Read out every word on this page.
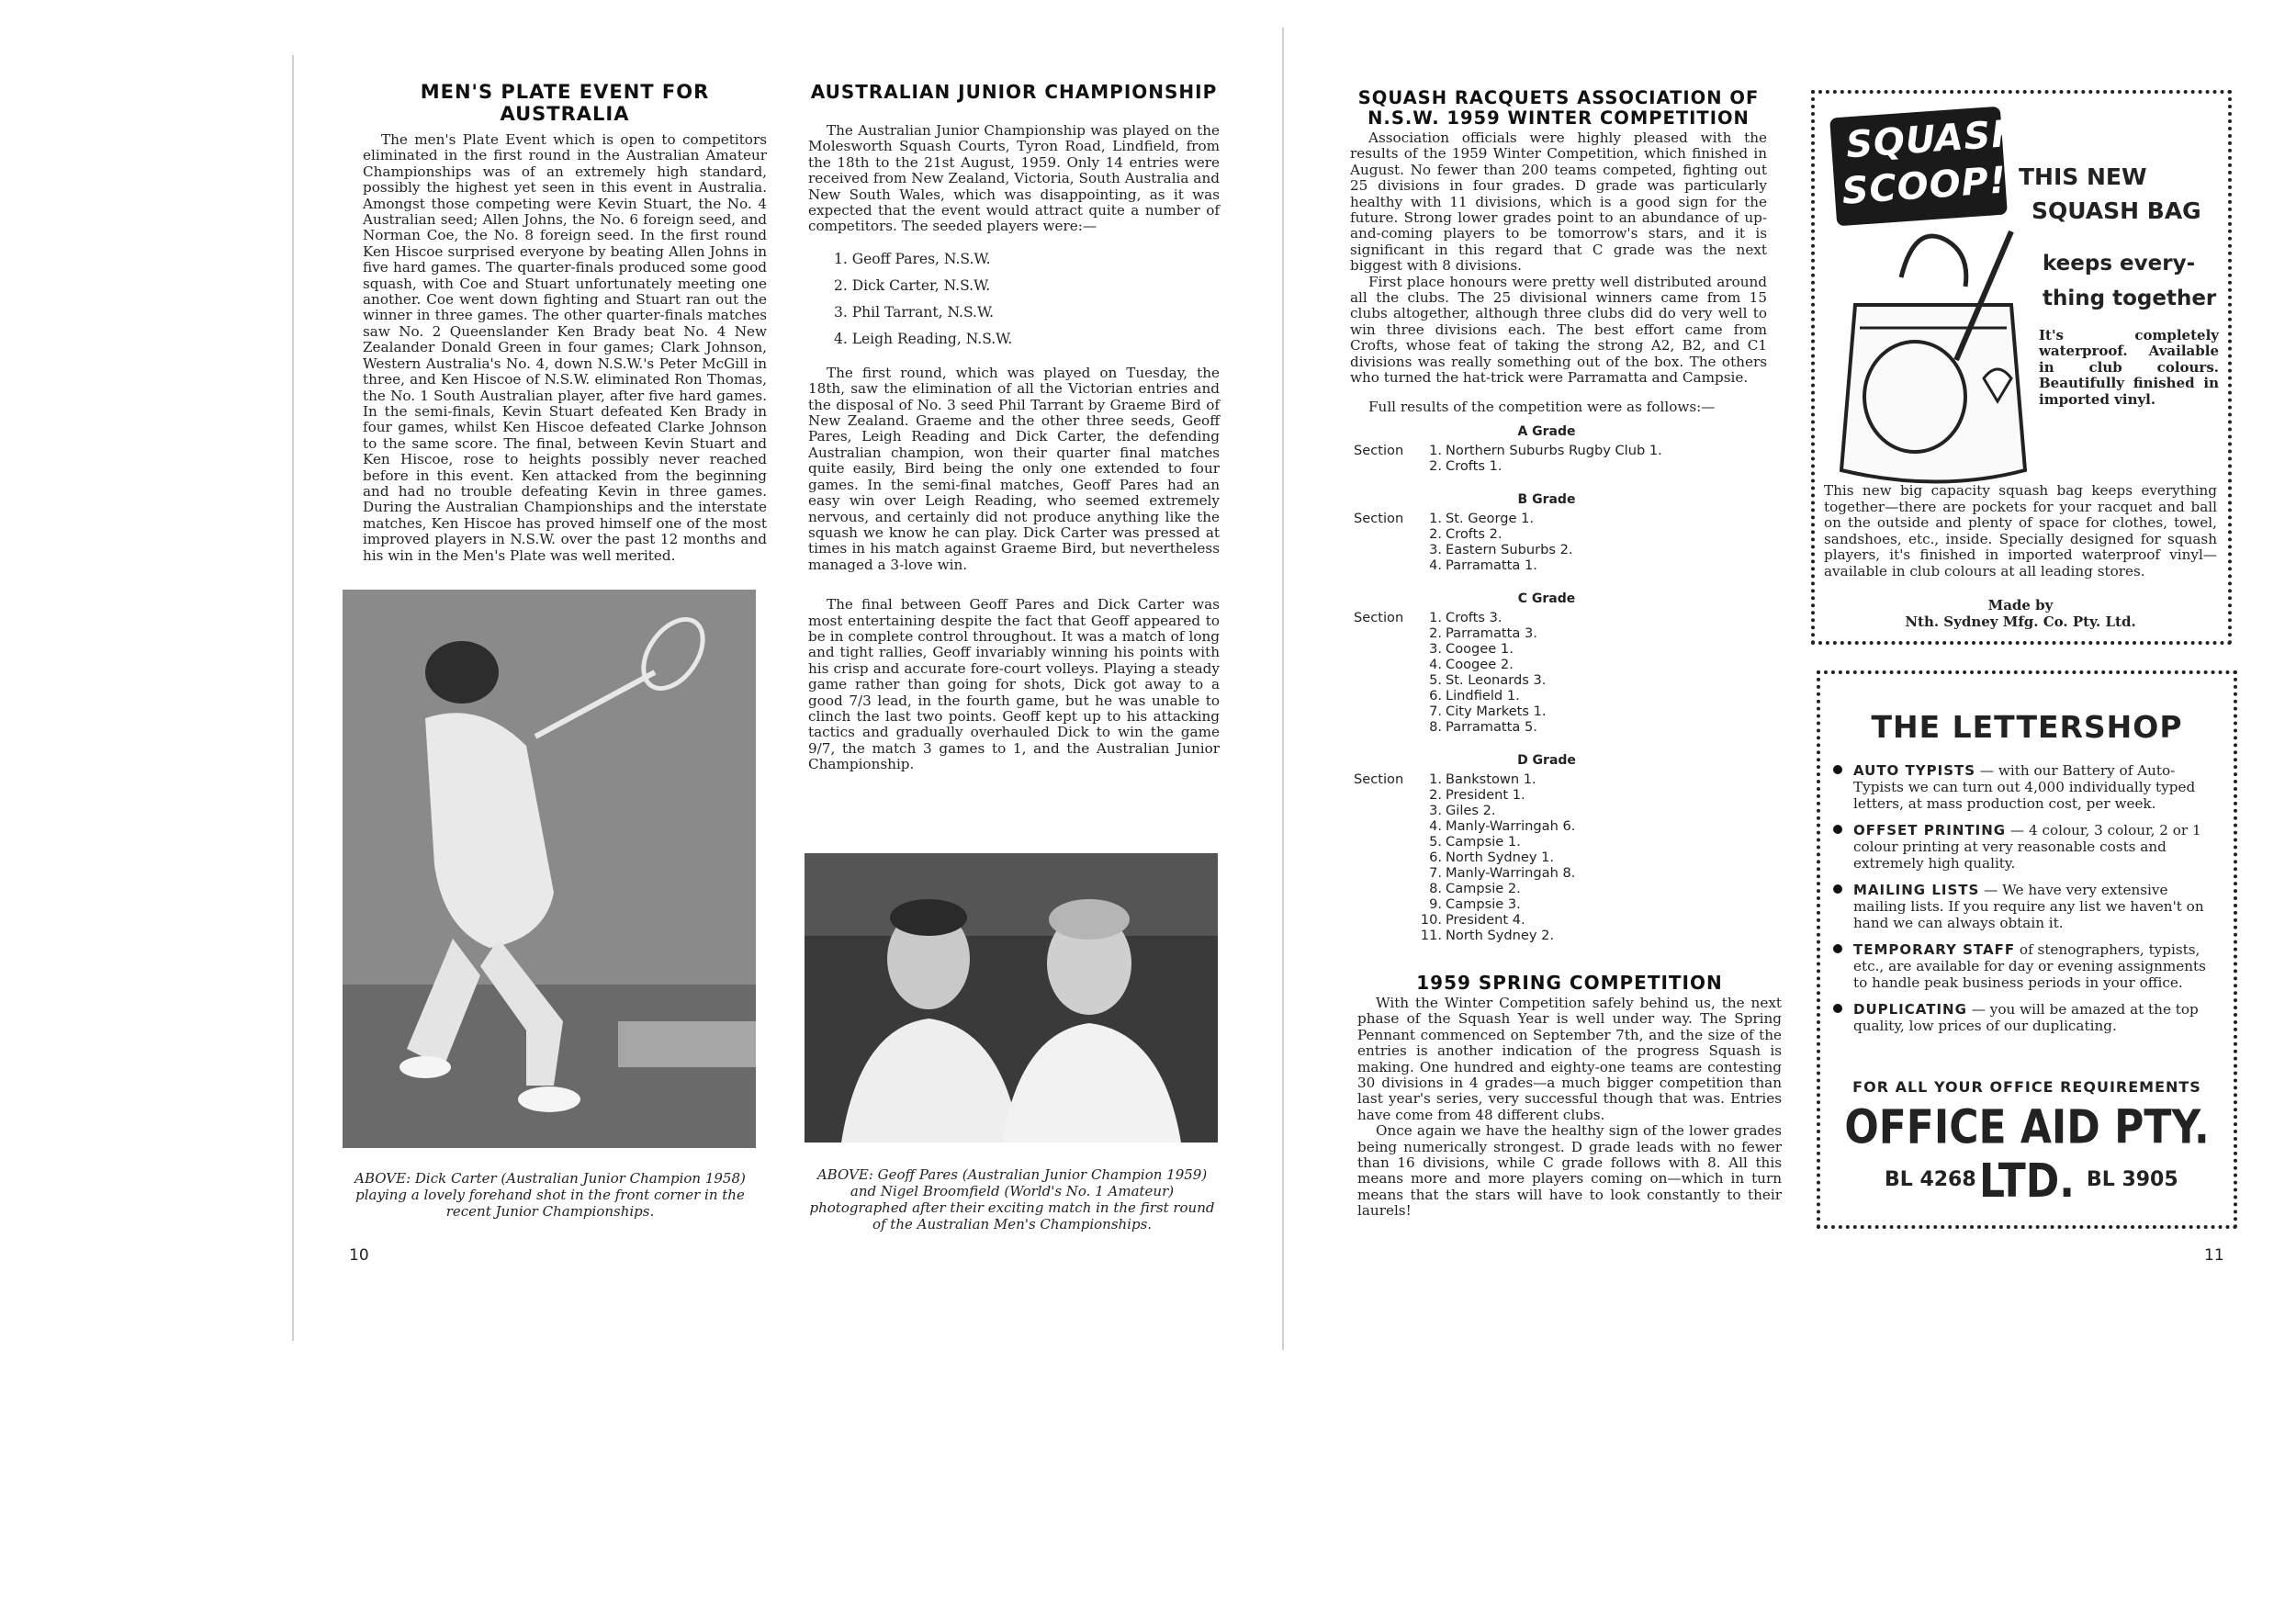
MEN'S PLATE EVENT FOR AUSTRALIA

The men's Plate Event which is open to competitors eliminated in the first round in the Australian Amateur Championships was of an extremely high standard, possibly the highest yet seen in this event in Australia. Amongst those competing were Kevin Stuart, the No. 4 Australian seed; Allen Johns, the No. 6 foreign seed, and Norman Coe, the No. 8 foreign seed. In the first round Ken Hiscoe surprised everyone by beating Allen Johns in five hard games. The quarter-finals produced some good squash, with Coe and Stuart unfortunately meeting one another. Coe went down fighting and Stuart ran out the winner in three games. The other quarter-finals matches saw No. 2 Queenslander Ken Brady beat No. 4 New Zealander Donald Green in four games; Clark Johnson, Western Australia's No. 4, down N.S.W.'s Peter McGill in three, and Ken Hiscoe of N.S.W. eliminated Ron Thomas, the No. 1 South Australian player, after five hard games. In the semi-finals, Kevin Stuart defeated Ken Brady in four games, whilst Ken Hiscoe defeated Clarke Johnson to the same score. The final, between Kevin Stuart and Ken Hiscoe, rose to heights possibly never reached before in this event. Ken attacked from the beginning and had no trouble defeating Kevin in three games. During the Australian Championships and the interstate matches, Ken Hiscoe has proved himself one of the most improved players in N.S.W. over the past 12 months and his win in the Men's Plate was well merited.

ABOVE: Dick Carter (Australian Junior Champion 1958) playing a lovely forehand shot in the front corner in the recent Junior Championships.
10
AUSTRALIAN JUNIOR CHAMPIONSHIP

The Australian Junior Championship was played on the Molesworth Squash Courts, Tyron Road, Lindfield, from the 18th to the 21st August, 1959. Only 14 entries were received from New Zealand, Victoria, South Australia and New South Wales, which was disappointing, as it was expected that the event would attract quite a number of competitors. The seeded players were:—

1. Geoff Pares, N.S.W.
2. Dick Carter, N.S.W.
3. Phil Tarrant, N.S.W.
4. Leigh Reading, N.S.W.

The first round, which was played on Tuesday, the 18th, saw the elimination of all the Victorian entries and the disposal of No. 3 seed Phil Tarrant by Graeme Bird of New Zealand. Graeme and the other three seeds, Geoff Pares, Leigh Reading and Dick Carter, the defending Australian champion, won their quarter final matches quite easily, Bird being the only one extended to four games. In the semi-final matches, Geoff Pares had an easy win over Leigh Reading, who seemed extremely nervous, and certainly did not produce anything like the squash we know he can play. Dick Carter was pressed at times in his match against Graeme Bird, but nevertheless managed a 3-love win.

The final between Geoff Pares and Dick Carter was most entertaining despite the fact that Geoff appeared to be in complete control throughout. It was a match of long and tight rallies, Geoff invariably winning his points with his crisp and accurate fore-court volleys. Playing a steady game rather than going for shots, Dick got away to a good 7/3 lead, in the fourth game, but he was unable to clinch the last two points. Geoff kept up to his attacking tactics and gradually overhauled Dick to win the game 9/7, the match 3 games to 1, and the Australian Junior Championship.

ABOVE: Geoff Pares (Australian Junior Champion 1959) and Nigel Broomfield (World's No. 1 Amateur) photographed after their exciting match in the first round of the Australian Men's Championships.
SQUASH RACQUETS ASSOCIATION OF
N.S.W. 1959 WINTER COMPETITION

Association officials were highly pleased with the results of the 1959 Winter Competition, which finished in August. No fewer than 200 teams competed, fighting out 25 divisions in four grades. D grade was particularly healthy with 11 divisions, which is a good sign for the future. Strong lower grades point to an abundance of up-and-coming players to be tomorrow's stars, and it is significant in this regard that C grade was the next biggest with 8 divisions.

First place honours were pretty well distributed around all the clubs. The 25 divisional winners came from 15 clubs altogether, although three clubs did do very well to win three divisions each. The best effort came from Crofts, whose feat of taking the strong A2, B2, and C1 divisions was really something out of the box. The others who turned the hat-trick were Parramatta and Campsie.

Full results of the competition were as follows:—

A Grade
Section	1. Northern Suburbs Rugby Club 1.
2. Crofts 1.
B Grade
Section	1. St. George 1.
2. Crofts 2.
3. Eastern Suburbs 2.
4. Parramatta 1.
C Grade
Section	1. Crofts 3.
2. Parramatta 3.
3. Coogee 1.
4. Coogee 2.
5. St. Leonards 3.
6. Lindfield 1.
7. City Markets 1.
8. Parramatta 5.
D Grade
Section	1. Bankstown 1.
2. President 1.
3. Giles 2.
4. Manly-Warringah 6.
5. Campsie 1.
6. North Sydney 1.
7. Manly-Warringah 8.
8. Campsie 2.
9. Campsie 3.
10. President 4.
11. North Sydney 2.
1959 SPRING COMPETITION

With the Winter Competition safely behind us, the next phase of the Squash Year is well under way. The Spring Pennant commenced on September 7th, and the size of the entries is another indication of the progress Squash is making. One hundred and eighty-one teams are contesting 30 divisions in 4 grades—a much bigger competition than last year's series, very successful though that was. Entries have come from 48 different clubs.

Once again we have the healthy sign of the lower grades being numerically strongest. D grade leads with no fewer than 16 divisions, while C grade follows with 8. All this means more and more players coming on—which in turn means that the stars will have to look constantly to their laurels!

SQUASH
SCOOP! THIS NEW
SQUASH BAG
keeps every-
thing together
It's completely waterproof. Available in club colours. Beautifully finished in imported vinyl.
This new big capacity squash bag keeps everything together—there are pockets for your racquet and ball on the outside and plenty of space for clothes, towel, sandshoes, etc., inside. Specially designed for squash players, it's finished in imported waterproof vinyl—available in club colours at all leading stores.
Made by
Nth. Sydney Mfg. Co. Pty. Ltd.
THE LETTERSHOP
AUTO TYPISTS — with our Battery of Auto-Typists we can turn out 4,000 individually typed letters, at mass production cost, per week.
OFFSET PRINTING — 4 colour, 3 colour, 2 or 1 colour printing at very reasonable costs and extremely high quality.
MAILING LISTS — We have very extensive mailing lists. If you require any list we haven't on hand we can always obtain it.
TEMPORARY STAFF of stenographers, typists, etc., are available for day or evening assignments to handle peak business periods in your office.
DUPLICATING — you will be amazed at the top quality, low prices of our duplicating.
FOR ALL YOUR OFFICE REQUIREMENTS
OFFICE AID PTY. LTD.
BL 4268	BL 3905
11
